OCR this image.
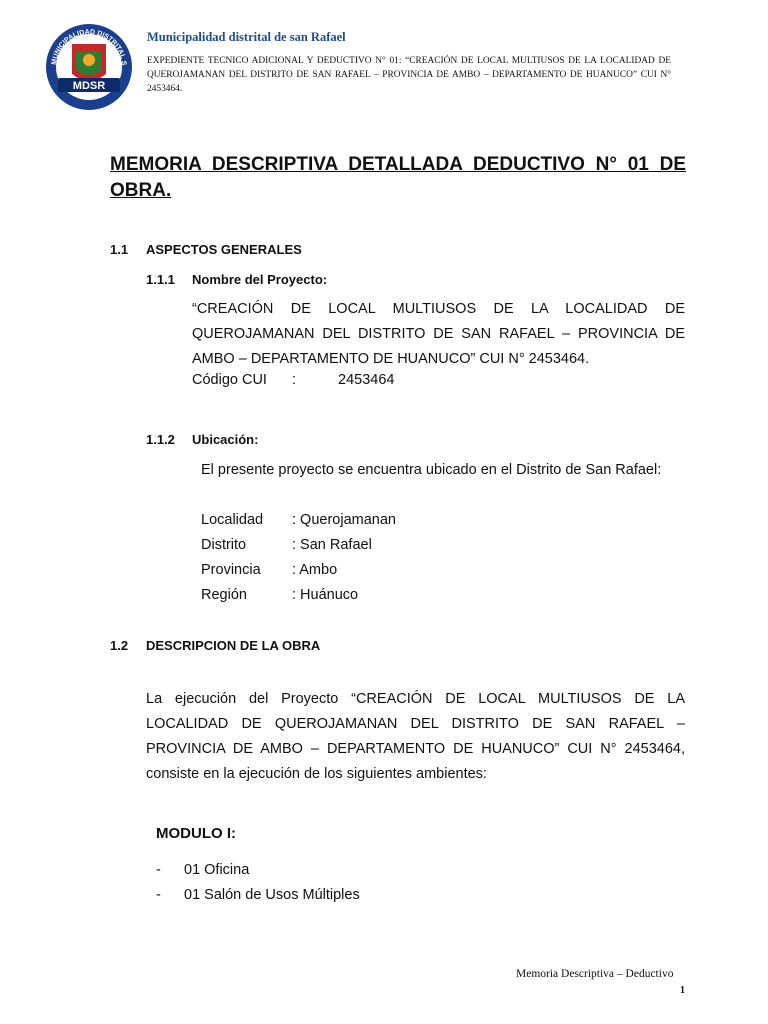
MUNICIPALIDAD DISTRITAL S
MDSR
Municipalidad distrital de san Rafael
EXPEDIENTE TECNICO ADICIONAL Y DEDUCTIVO N° 01: “CREACIÓN DE LOCAL MULTIUSOS DE LA LOCALIDAD DE QUEROJAMANAN DEL DISTRITO DE SAN RAFAEL – PROVINCIA DE AMBO – DEPARTAMENTO DE HUANUCO” CUI N° 2453464.
MEMORIA DESCRIPTIVA DETALLADA DEDUCTIVO N° 01 DE OBRA.
1.1 ASPECTOS GENERALES
1.1.1 Nombre del Proyecto:
“CREACIÓN DE LOCAL MULTIUSOS DE LA LOCALIDAD DE QUEROJAMANAN DEL DISTRITO DE SAN RAFAEL – PROVINCIA DE AMBO – DEPARTAMENTO DE HUANUCO” CUI N° 2453464.
Código CUI :	2453464
1.1.2 Ubicación:
El presente proyecto se encuentra ubicado en el Distrito de San Rafael:
Localidad : Querojamanan
Distrito	: San Rafael
Provincia : Ambo
Región	: Huánuco
1.2 DESCRIPCION DE LA OBRA
La ejecución del Proyecto “CREACIÓN DE LOCAL MULTIUSOS DE LA LOCALIDAD DE QUEROJAMANAN DEL DISTRITO DE SAN RAFAEL – PROVINCIA DE AMBO – DEPARTAMENTO DE HUANUCO” CUI N° 2453464, consiste en la ejecución de los siguientes ambientes:
MODULO I:
- 01 Oficina
- 01 Salón de Usos Múltiples
Memoria Descriptiva – Deductivo
1
